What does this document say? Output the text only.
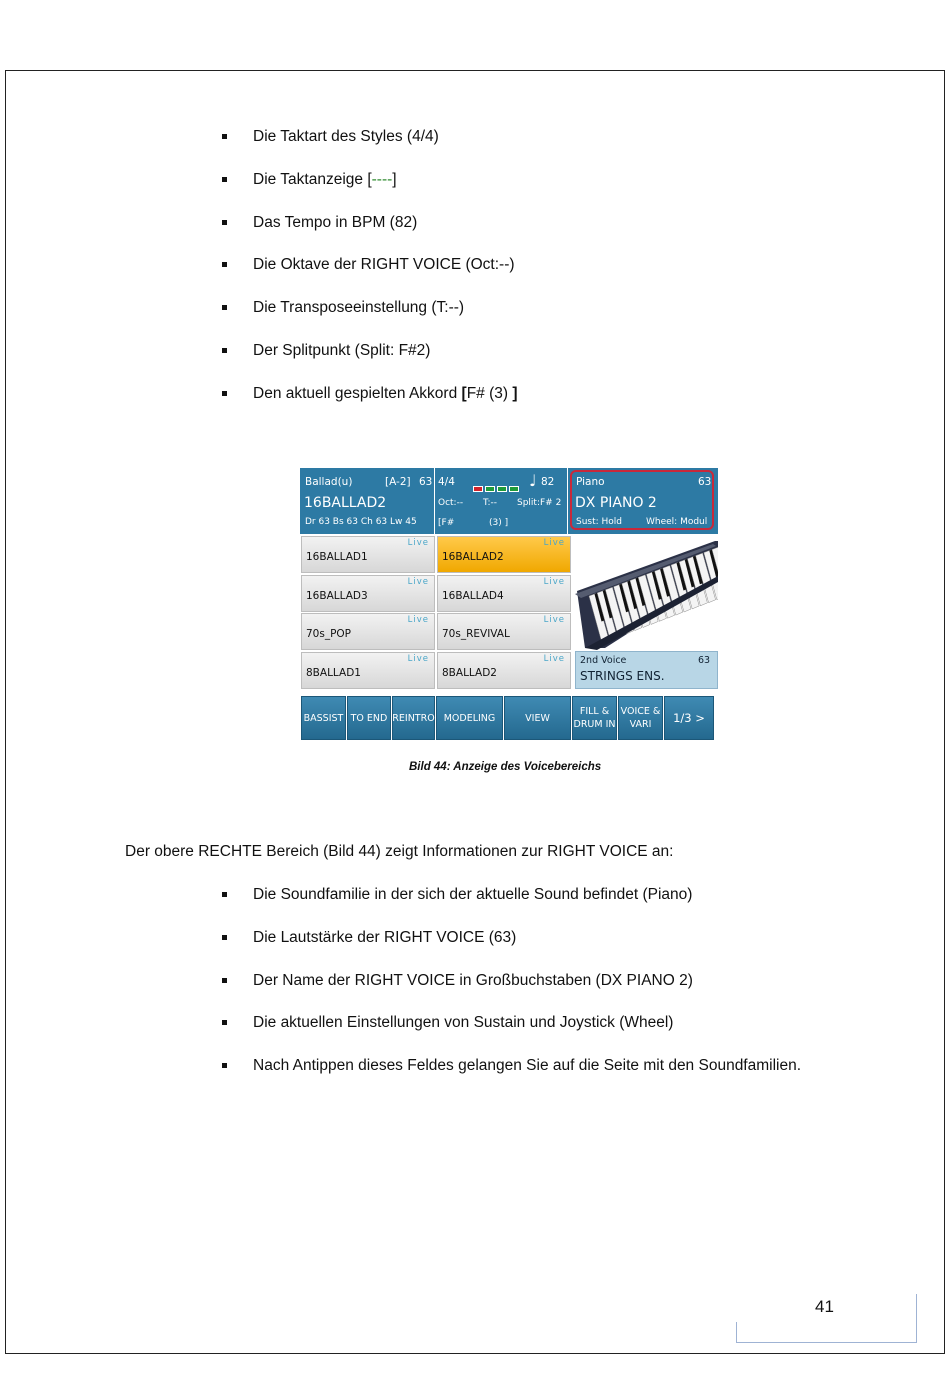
Die Taktart des Styles (4/4)
Die Taktanzeige [----]
Das Tempo in BPM (82)
Die Oktave der RIGHT VOICE (Oct:--)
Die Transposeeinstellung (T:--)
Der Splitpunkt (Split: F#2)
Den aktuell gespielten Akkord [F# (3) ]
Ballad(u)	[A-2] 63
16BALLAD2
Dr 63 Bs 63 Ch 63 Lw 45
4/4	♩ 82
Oct:-- T:-- Split:F# 2
[F#	(3) ]
Piano	63
DX PIANO 2
Sust: Hold	Wheel: Modul
Live
16BALLAD1
Live
16BALLAD2
Live
16BALLAD3
Live
16BALLAD4
Live
70s_POP
Live
70s_REVIVAL
Live
8BALLAD1
Live
8BALLAD2
2nd Voice	63
STRINGS ENS.
BASSIST TO END REINTRO MODELING	VIEW
FILL & DRUM IN
VOICE & VARI	1/3 >
Bild 44: Anzeige des Voicebereichs
Der obere RECHTE Bereich (Bild 44) zeigt Informationen zur RIGHT VOICE an:
Die Soundfamilie in der sich der aktuelle Sound befindet (Piano)
Die Lautstärke der RIGHT VOICE (63)
Der Name der RIGHT VOICE in Großbuchstaben (DX PIANO 2)
Die aktuellen Einstellungen von Sustain und Joystick (Wheel)
Nach Antippen dieses Feldes gelangen Sie auf die Seite mit den Soundfamilien.
41
